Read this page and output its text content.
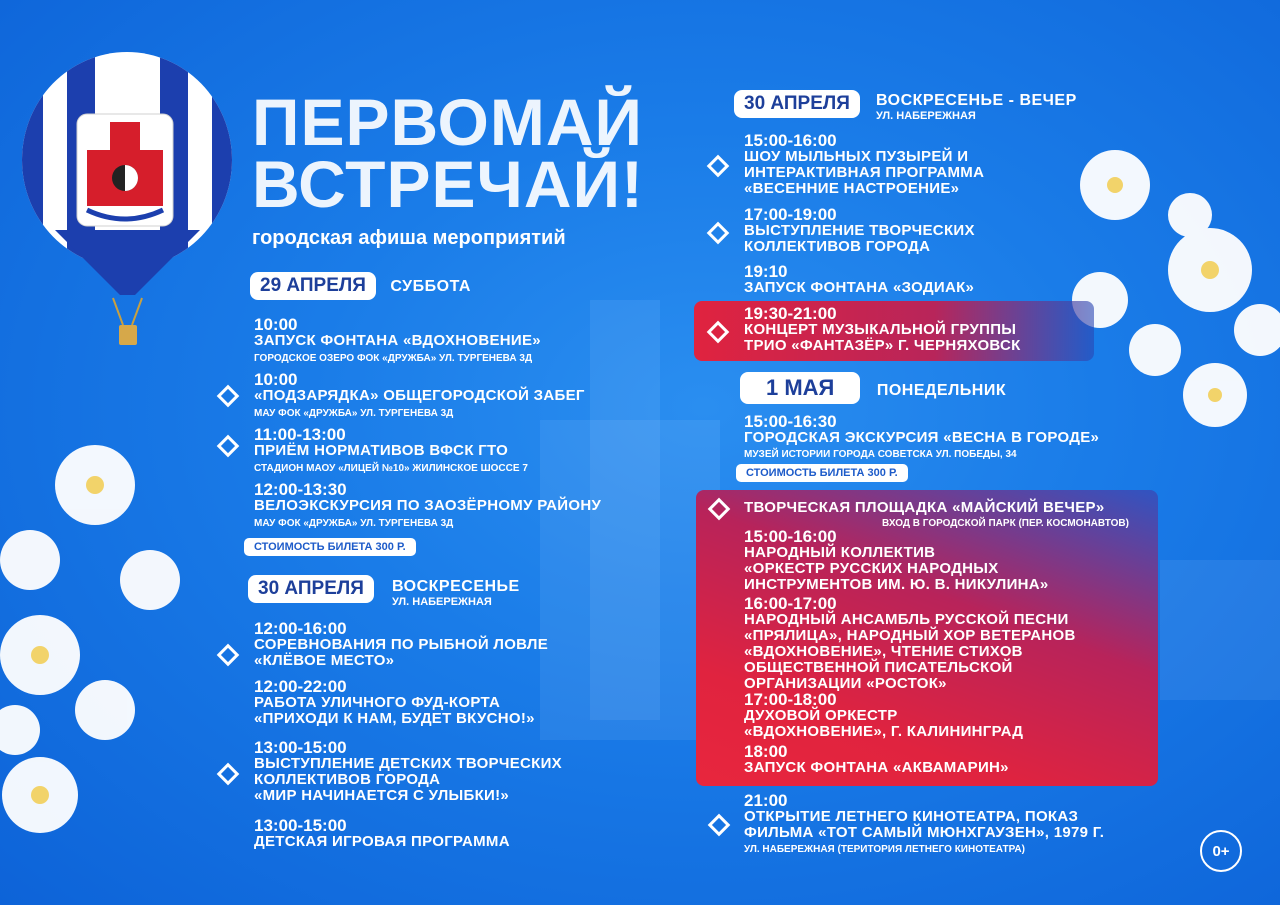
ПЕРВОМАЙ
ВСТРЕЧАЙ!
городская афиша мероприятий
29 АПРЕЛЯ СУББОТА
10:00
ЗАПУСК ФОНТАНА «ВДОХНОВЕНИЕ»
ГОРОДСКОЕ ОЗЕРО ФОК «ДРУЖБА» УЛ. ТУРГЕНЕВА 3Д
10:00
«ПОДЗАРЯДКА» ОБЩЕГОРОДСКОЙ ЗАБЕГ
МАУ ФОК «ДРУЖБА» УЛ. ТУРГЕНЕВА 3Д
11:00-13:00
ПРИЁМ НОРМАТИВОВ ВФСК ГТО
СТАДИОН МАОУ «ЛИЦЕЙ №10» ЖИЛИНСКОЕ ШОССЕ 7
12:00-13:30
ВЕЛОЭКСКУРСИЯ ПО ЗАОЗЁРНОМУ РАЙОНУ
МАУ ФОК «ДРУЖБА» УЛ. ТУРГЕНЕВА 3Д
СТОИМОСТЬ БИЛЕТА 300 Р.
30 АПРЕЛЯ	ВОСКРЕСЕНЬЕ
УЛ. НАБЕРЕЖНАЯ
12:00-16:00
СОРЕВНОВАНИЯ ПО РЫБНОЙ ЛОВЛЕ
«КЛЁВОЕ МЕСТО»
12:00-22:00
РАБОТА УЛИЧНОГО ФУД-КОРТА
«ПРИХОДИ К НАМ, БУДЕТ ВКУСНО!»
13:00-15:00
ВЫСТУПЛЕНИЕ ДЕТСКИХ ТВОРЧЕСКИХ
КОЛЛЕКТИВОВ ГОРОДА
«МИР НАЧИНАЕТСЯ С УЛЫБКИ!»
13:00-15:00
ДЕТСКАЯ ИГРОВАЯ ПРОГРАММА
30 АПРЕЛЯ	ВОСКРЕСЕНЬЕ - ВЕЧЕР
УЛ. НАБЕРЕЖНАЯ
15:00-16:00
ШОУ МЫЛЬНЫХ ПУЗЫРЕЙ И
ИНТЕРАКТИВНАЯ ПРОГРАММА
«ВЕСЕННИЕ НАСТРОЕНИЕ»
17:00-19:00
ВЫСТУПЛЕНИЕ ТВОРЧЕСКИХ
КОЛЛЕКТИВОВ ГОРОДА
19:10
ЗАПУСК ФОНТАНА «ЗОДИАК»
19:30-21:00
КОНЦЕРТ МУЗЫКАЛЬНОЙ ГРУППЫ
ТРИО «ФАНТАЗЁР» Г. ЧЕРНЯХОВСК
1 МАЯ	ПОНЕДЕЛЬНИК
15:00-16:30
ГОРОДСКАЯ ЭКСКУРСИЯ «ВЕСНА В ГОРОДЕ»
МУЗЕЙ ИСТОРИИ ГОРОДА СОВЕТСКА УЛ. ПОБЕДЫ, 34
СТОИМОСТЬ БИЛЕТА 300 Р.
ТВОРЧЕСКАЯ ПЛОЩАДКА «МАЙСКИЙ ВЕЧЕР»
ВХОД В ГОРОДСКОЙ ПАРК (ПЕР. КОСМОНАВТОВ)
15:00-16:00
НАРОДНЫЙ КОЛЛЕКТИВ
«ОРКЕСТР РУССКИХ НАРОДНЫХ
ИНСТРУМЕНТОВ ИМ. Ю. В. НИКУЛИНА»
16:00-17:00
НАРОДНЫЙ АНСАМБЛЬ РУССКОЙ ПЕСНИ
«ПРЯЛИЦА», НАРОДНЫЙ ХОР ВЕТЕРАНОВ
«ВДОХНОВЕНИЕ», ЧТЕНИЕ СТИХОВ
ОБЩЕСТВЕННОЙ ПИСАТЕЛЬСКОЙ
ОРГАНИЗАЦИИ «РОСТОК»
17:00-18:00
ДУХОВОЙ ОРКЕСТР
«ВДОХНОВЕНИЕ», Г. КАЛИНИНГРАД
18:00
ЗАПУСК ФОНТАНА «АКВАМАРИН»
21:00
ОТКРЫТИЕ ЛЕТНЕГО КИНОТЕАТРА, ПОКАЗ
ФИЛЬМА «ТОТ САМЫЙ МЮНХГАУЗЕН», 1979 Г.
УЛ. НАБЕРЕЖНАЯ (ТЕРИТОРИЯ ЛЕТНЕГО КИНОТЕАТРА)	0+
